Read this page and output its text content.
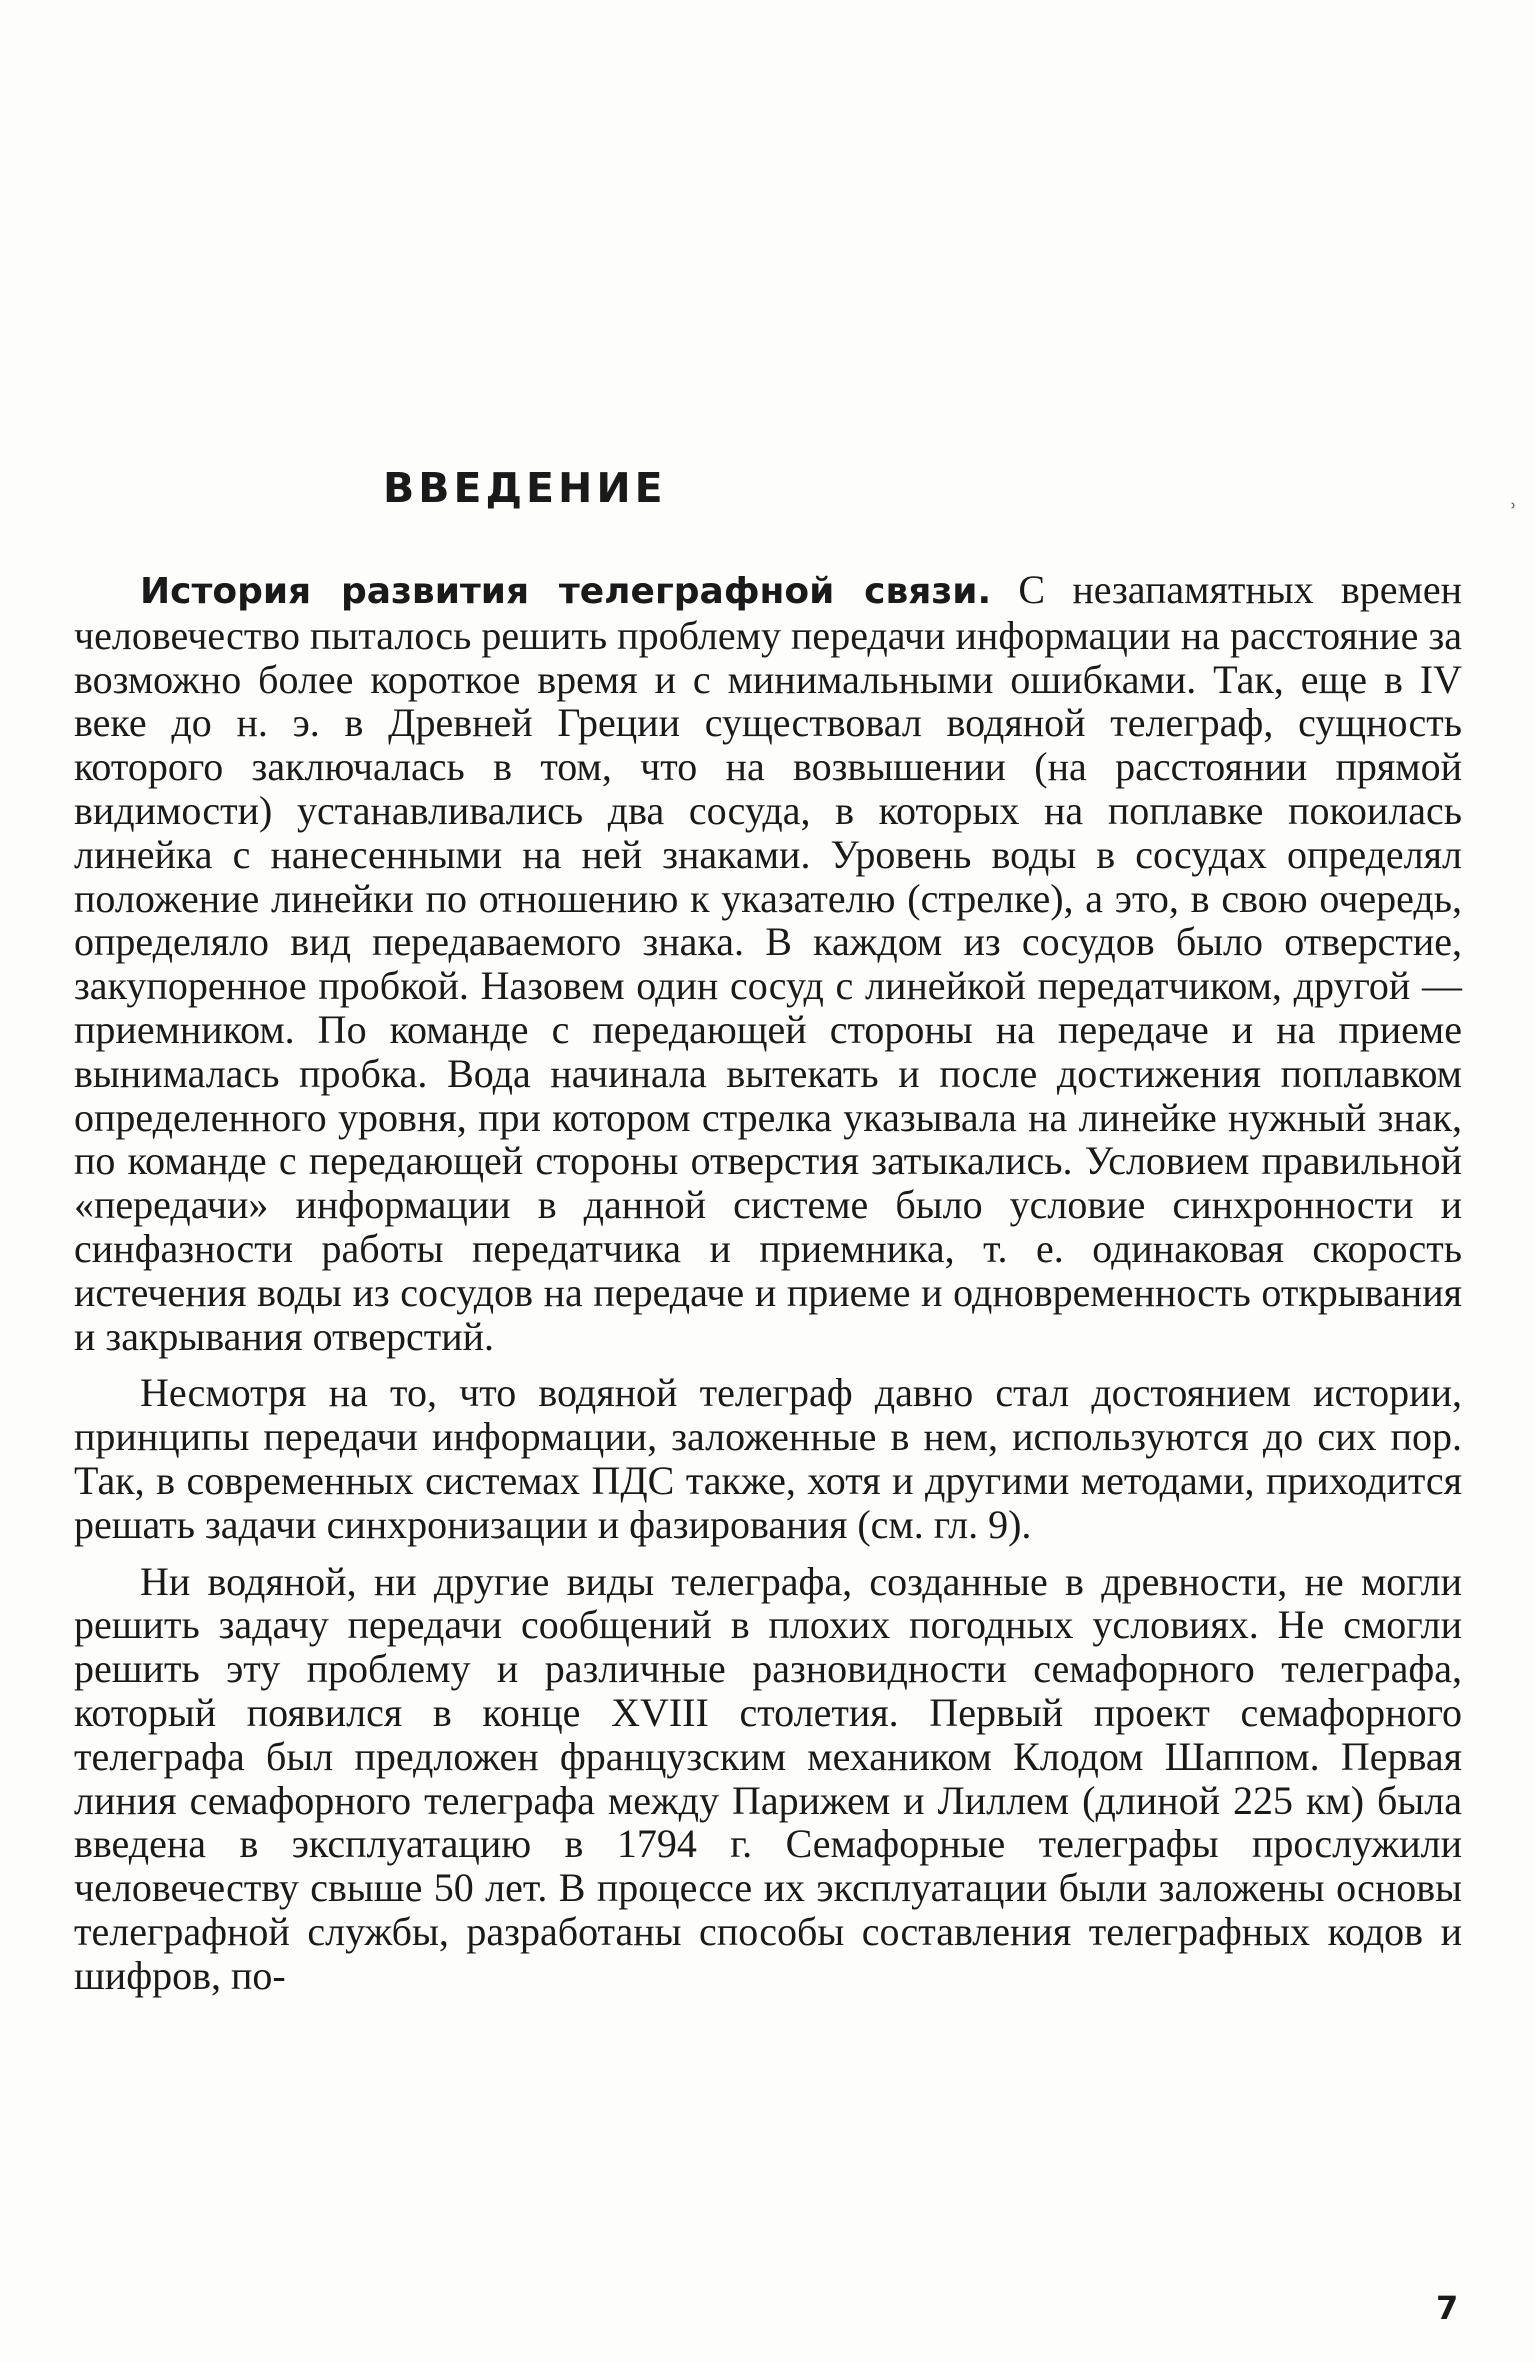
ʾ
ВВЕДЕНИЕ

История развития телеграфной связи. С незапамятных времен человечество пыталось решить проблему передачи информации на расстояние за возможно более короткое время и с минимальными ошибками. Так, еще в IV веке до н. э. в Древней Греции существовал водяной телеграф, сущность которого заключалась в том, что на возвышении (на расстоянии прямой видимости) устанавливались два сосуда, в которых на поплавке покоилась линейка с нанесенными на ней знаками. Уровень воды в сосудах определял положение линейки по отношению к указателю (стрелке), а это, в свою очередь, определяло вид передаваемого знака. В каждом из сосудов было отверстие, закупоренное пробкой. Назовем один сосуд с линейкой передатчиком, другой — приемником. По команде с передающей стороны на передаче и на приеме вынималась пробка. Вода начинала вытекать и после достижения поплавком определенного уровня, при котором стрелка указывала на линейке нужный знак, по команде с передающей стороны отверстия затыкались. Условием правильной «передачи» информации в данной системе было условие синхронности и синфазности работы передатчика и приемника, т. е. одинаковая скорость истечения воды из сосудов на передаче и приеме и одновременность открывания и закрывания отверстий.

Несмотря на то, что водяной телеграф давно стал достоянием истории, принципы передачи информации, заложенные в нем, используются до сих пор. Так, в современных системах ПДС также, хотя и другими методами, приходится решать задачи синхронизации и фазирования (см. гл. 9).

Ни водяной, ни другие виды телеграфа, созданные в древности, не могли решить задачу передачи сообщений в плохих погодных условиях. Не смогли решить эту проблему и различные разновидности семафорного телеграфа, который появился в конце XVIII столетия. Первый проект семафорного телеграфа был предложен французским механиком Клодом Шаппом. Первая линия семафорного телеграфа между Парижем и Лиллем (длиной 225 км) была введена в эксплуатацию в 1794 г. Семафорные телеграфы прослужили человечеству свыше 50 лет. В процессе их эксплуатации были заложены основы телеграфной службы, разработаны способы составления телеграфных кодов и шифров, по-

7
